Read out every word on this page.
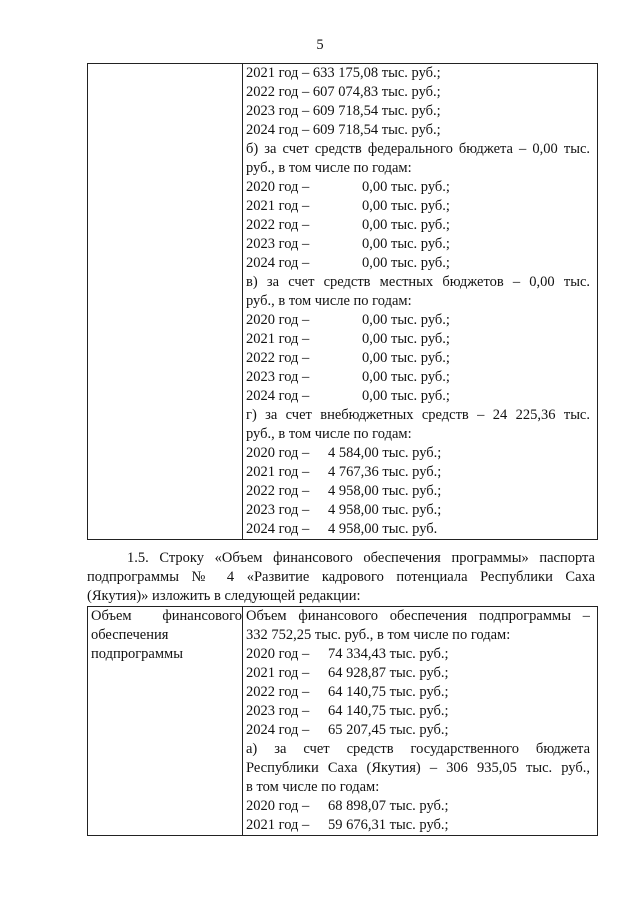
5

2021 год – 633 175,08 тыс. руб.;
2022 год – 607 074,83 тыс. руб.;
2023 год – 609 718,54 тыс. руб.;
2024 год – 609 718,54 тыс. руб.;
б) за счет средств федерального бюджета – 0,00 тыс.
руб., в том числе по годам:
2020 год –	0,00 тыс. руб.;
2021 год –	0,00 тыс. руб.;
2022 год –	0,00 тыс. руб.;
2023 год –	0,00 тыс. руб.;
2024 год –	0,00 тыс. руб.;
в) за счет средств местных бюджетов – 0,00 тыс.
руб., в том числе по годам:
2020 год –	0,00 тыс. руб.;
2021 год –	0,00 тыс. руб.;
2022 год –	0,00 тыс. руб.;
2023 год –	0,00 тыс. руб.;
2024 год –	0,00 тыс. руб.;
г) за счет внебюджетных средств – 24 225,36 тыс.
руб., в том числе по годам:
2020 год – 4 584,00 тыс. руб.;
2021 год – 4 767,36 тыс. руб.;
2022 год – 4 958,00 тыс. руб.;
2023 год – 4 958,00 тыс. руб.;
2024 год – 4 958,00 тыс. руб.
1.5. Строку «Объем финансового обеспечения программы» паспорта
подпрограммы № 4 «Развитие кадрового потенциала Республики Саха
(Якутия)» изложить в следующей редакции:
Объем финансового
обеспечения
подпрограммы

Объем финансового обеспечения подпрограммы –
332 752,25 тыс. руб., в том числе по годам:
2020 год – 74 334,43 тыс. руб.;
2021 год – 64 928,87 тыс. руб.;
2022 год – 64 140,75 тыс. руб.;
2023 год – 64 140,75 тыс. руб.;
2024 год – 65 207,45 тыс. руб.;
а) за счет средств государственного бюджета
Республики Саха (Якутия) – 306 935,05 тыс. руб.,
в том числе по годам:
2020 год – 68 898,07 тыс. руб.;
2021 год – 59 676,31 тыс. руб.;
